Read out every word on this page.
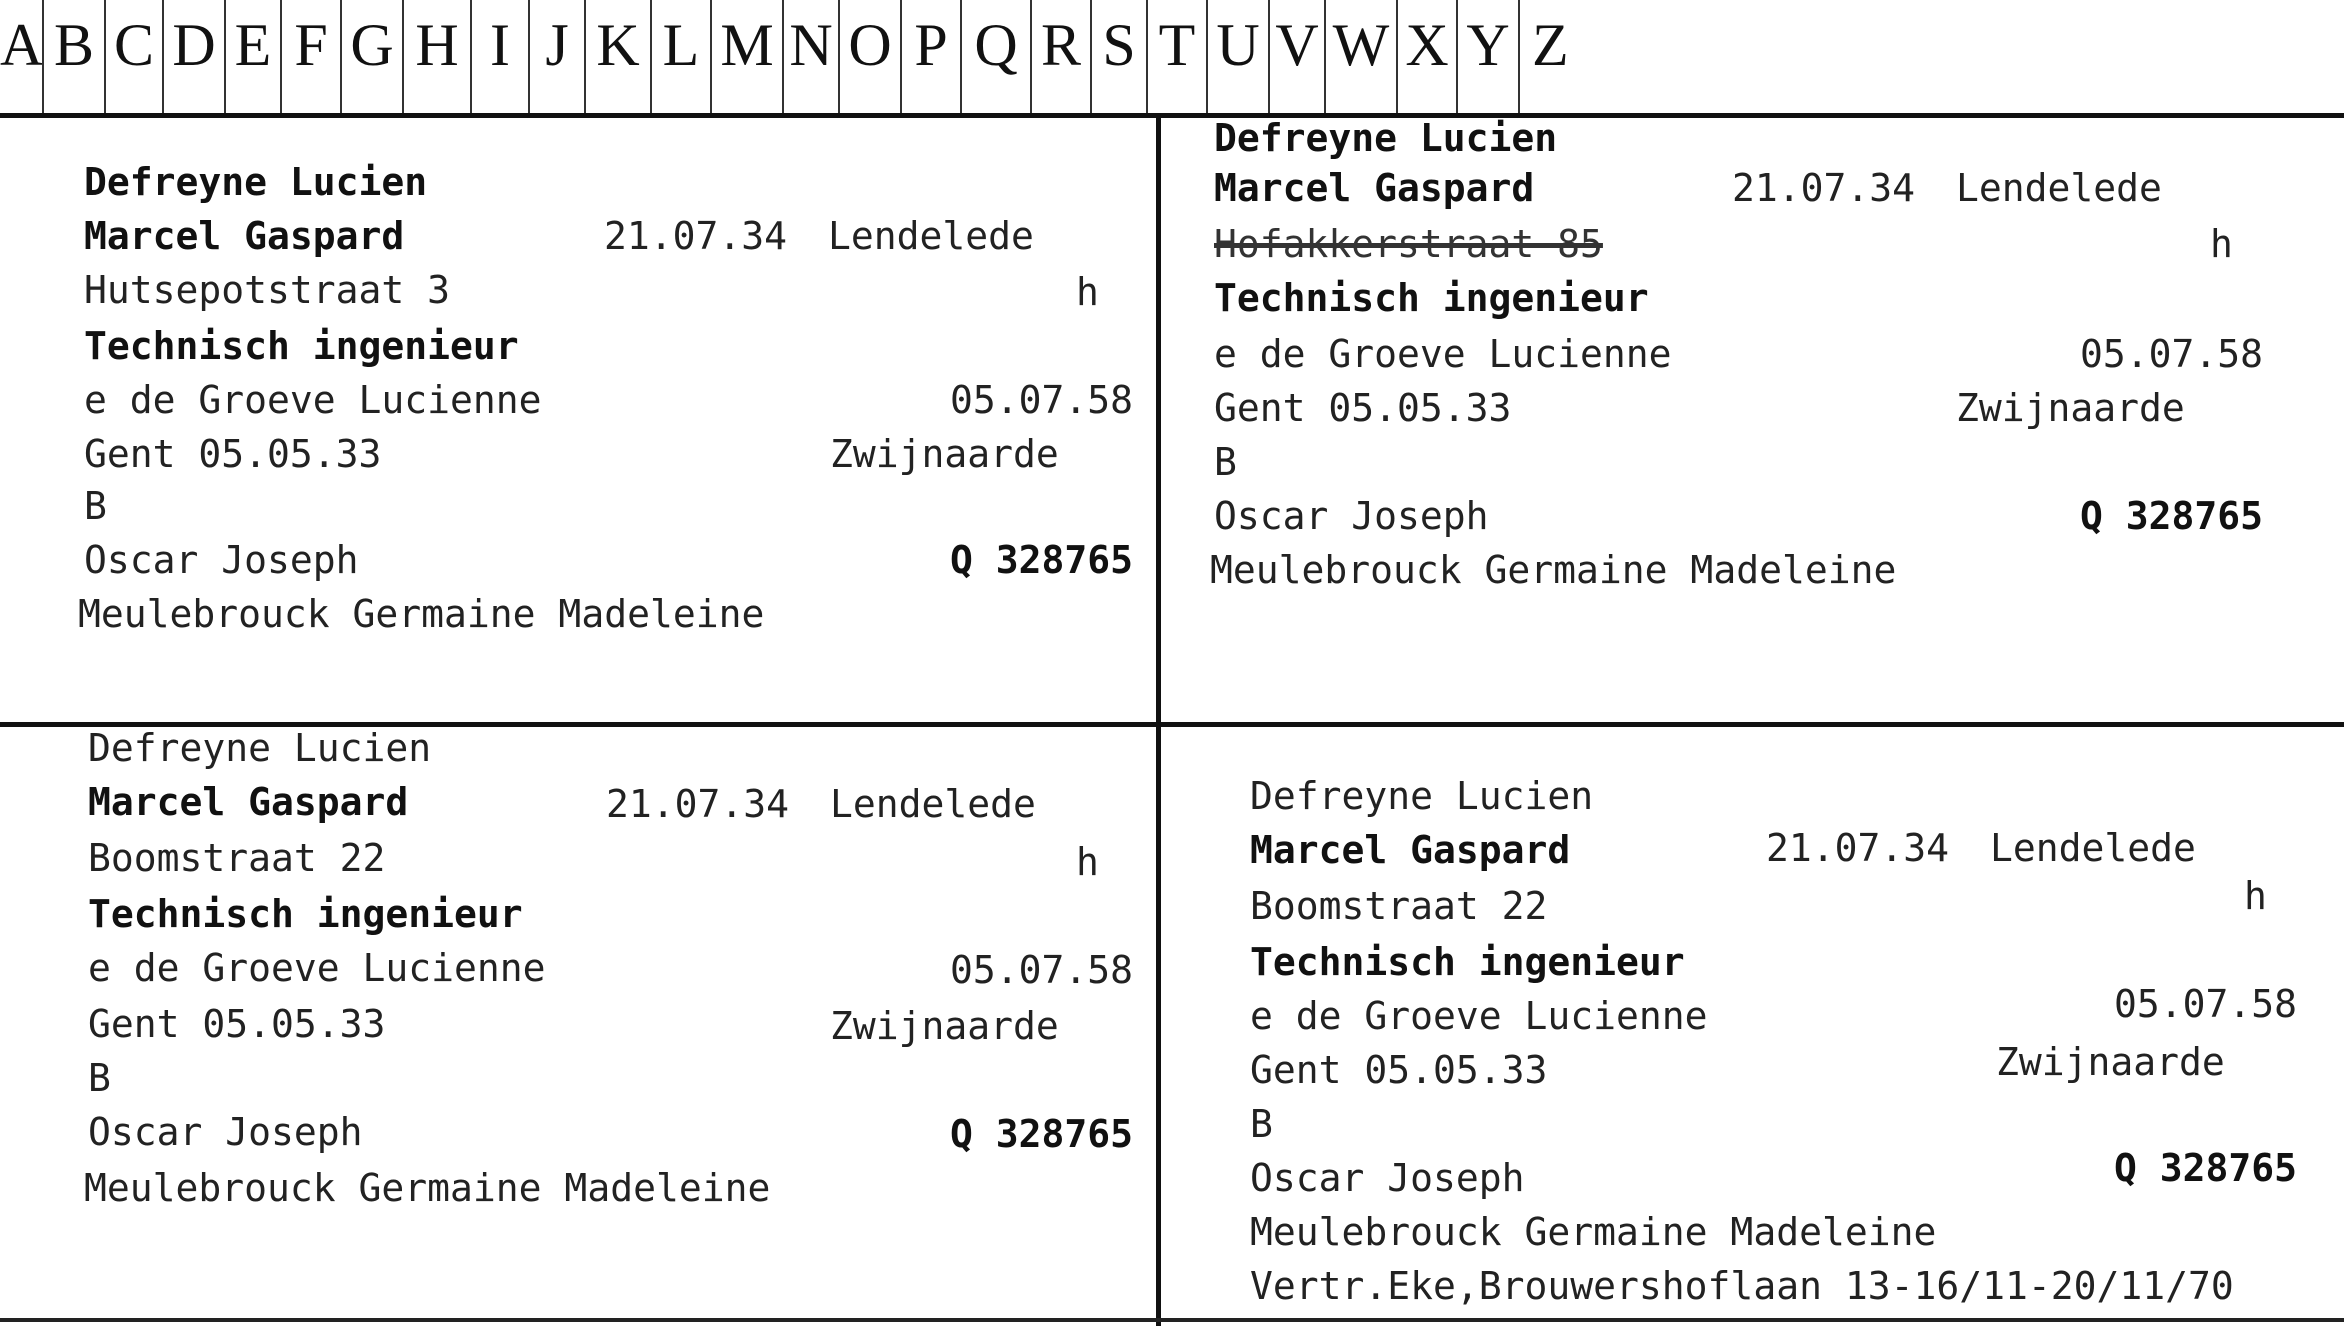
A B C D E F G H I J K L M N O P Q R S T U V W X Y Z
Defreyne Lucien
Marcel Gaspard	21.07.34 Lendelede
Hutsepotstraat 3	h
Technisch ingenieur
e de Groeve Lucienne	05.07.58
Gent 05.05.33	Zwijnaarde
B
Oscar Joseph	Q 328765
Meulebrouck Germaine Madeleine
Defreyne Lucien
Marcel Gaspard	21.07.34 Lendelede
Hofakkerstraat 85	h
Technisch ingenieur
e de Groeve Lucienne	05.07.58
Gent 05.05.33	Zwijnaarde
B
Oscar Joseph	Q 328765
Meulebrouck Germaine Madeleine
Defreyne Lucien
Marcel Gaspard	21.07.34 Lendelede
Boomstraat 22	h
Technisch ingenieur
e de Groeve Lucienne	05.07.58
Gent 05.05.33	Zwijnaarde
B
Oscar Joseph	Q 328765
Meulebrouck Germaine Madeleine
Defreyne Lucien
Marcel Gaspard	21.07.34 Lendelede
Boomstraat 22	h
Technisch ingenieur
e de Groeve Lucienne	05.07.58
Gent 05.05.33	Zwijnaarde
B
Oscar Joseph	Q 328765
Meulebrouck Germaine Madeleine
Vertr.Eke,Brouwershoflaan 13-16/11-20/11/70
